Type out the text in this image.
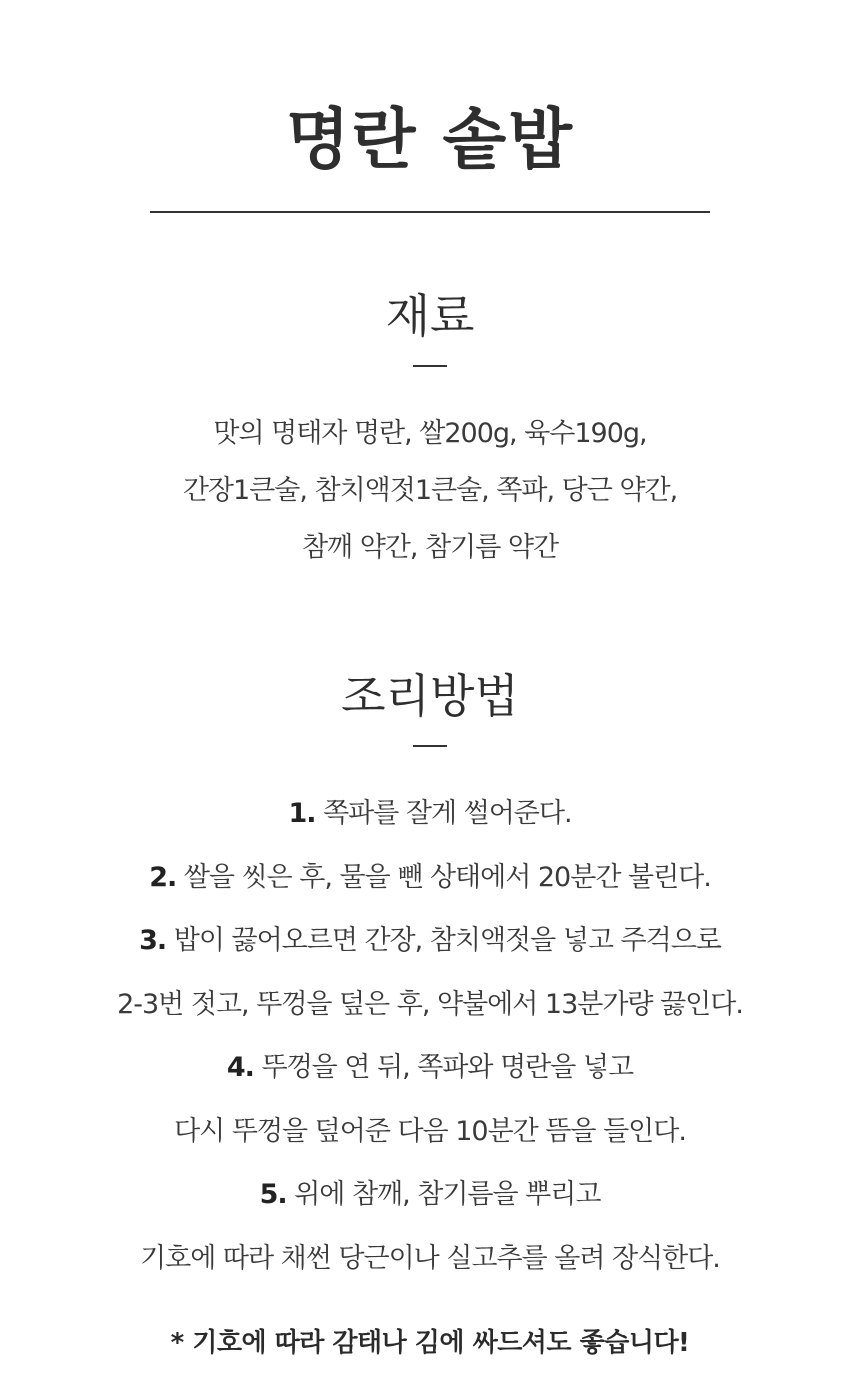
명란 솥밥
재료
맛의 명태자 명란, 쌀200g, 육수190g,
간장1큰술, 참치액젓1큰술, 쪽파, 당근 약간,
참깨 약간, 참기름 약간
조리방법
1. 쪽파를 잘게 썰어준다.
2. 쌀을 씻은 후, 물을 뺀 상태에서 20분간 불린다.
3. 밥이 끓어오르면 간장, 참치액젓을 넣고 주걱으로
2-3번 젓고, 뚜껑을 덮은 후, 약불에서 13분가량 끓인다.
4. 뚜껑을 연 뒤, 쪽파와 명란을 넣고
다시 뚜껑을 덮어준 다음 10분간 뜸을 들인다.
5. 위에 참깨, 참기름을 뿌리고
기호에 따라 채썬 당근이나 실고추를 올려 장식한다.
* 기호에 따라 감태나 김에 싸드셔도 좋습니다!
